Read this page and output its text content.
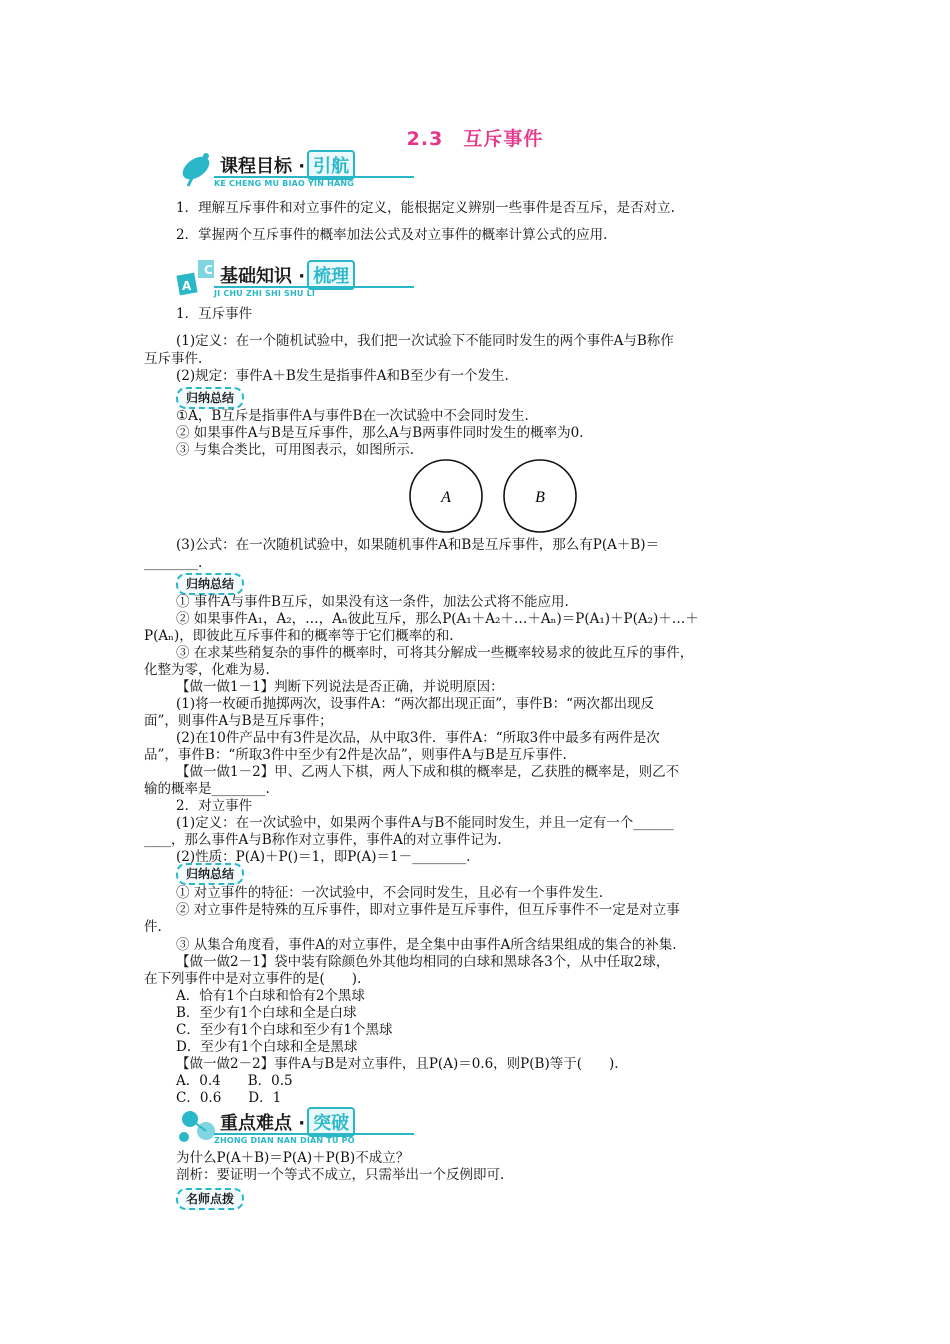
2.3　互斥事件
课程目标 · 引航
KE CHENG MU BIAO YIN HANG
C
A 基础知识 · 梳理
JI CHU ZHI SHI SHU LI
重点难点 · 突破
ZHONG DIAN NAN DIAN TU PO
归纳总结
归纳总结
归纳总结
名师点拨
A	B
1．理解互斥事件和对立事件的定义，能根据定义辨别一些事件是否互斥，是否对立.
2．掌握两个互斥事件的概率加法公式及对立事件的概率计算公式的应用.
1．互斥事件
(1)定义：在一个随机试验中，我们把一次试验下不能同时发生的两个事件A与B称作
互斥事件.
(2)规定：事件A＋B发生是指事件A和B至少有一个发生.
①A，B互斥是指事件A与事件B在一次试验中不会同时发生.
② 如果事件A与B是互斥事件，那么A与B两事件同时发生的概率为0.
③ 与集合类比，可用图表示，如图所示.
(3)公式：在一次随机试验中，如果随机事件A和B是互斥事件，那么有P(A＋B)＝
________.
① 事件A与事件B互斥，如果没有这一条件，加法公式将不能应用.
② 如果事件A₁，A₂，…，Aₙ彼此互斥，那么P(A₁＋A₂＋…＋Aₙ)＝P(A₁)＋P(A₂)＋…＋
P(Aₙ)，即彼此互斥事件和的概率等于它们概率的和.
③ 在求某些稍复杂的事件的概率时，可将其分解成一些概率较易求的彼此互斥的事件，
化整为零，化难为易.
【做一做1－1】判断下列说法是否正确，并说明原因：
(1)将一枚硬币抛掷两次，设事件A：“两次都出现正面”，事件B：“两次都出现反
面”，则事件A与B是互斥事件；
(2)在10件产品中有3件是次品，从中取3件．事件A：“所取3件中最多有两件是次
品”，事件B：“所取3件中至少有2件是次品”，则事件A与B是互斥事件.
【做一做1－2】甲、乙两人下棋，两人下成和棋的概率是，乙获胜的概率是，则乙不
输的概率是________.
2．对立事件
(1)定义：在一次试验中，如果两个事件A与B不能同时发生，并且一定有一个______
____，那么事件A与B称作对立事件，事件A的对立事件记为.
(2)性质：P(A)＋P()＝1，即P(A)＝1－________.
① 对立事件的特征：一次试验中，不会同时发生，且必有一个事件发生.
② 对立事件是特殊的互斥事件，即对立事件是互斥事件，但互斥事件不一定是对立事
件.
③ 从集合角度看，事件A的对立事件，是全集中由事件A所含结果组成的集合的补集.
【做一做2－1】袋中装有除颜色外其他均相同的白球和黑球各3个，从中任取2球，
在下列事件中是对立事件的是(　　).
A．恰有1个白球和恰有2个黑球
B．至少有1个白球和全是白球
C．至少有1个白球和至少有1个黑球
D．至少有1个白球和全是黑球
【做一做2－2】事件A与B是对立事件，且P(A)＝0.6，则P(B)等于(　　).
A．0.4　　B．0.5
C．0.6　　D．1
为什么P(A＋B)＝P(A)＋P(B)不成立？
剖析：要证明一个等式不成立，只需举出一个反例即可.
